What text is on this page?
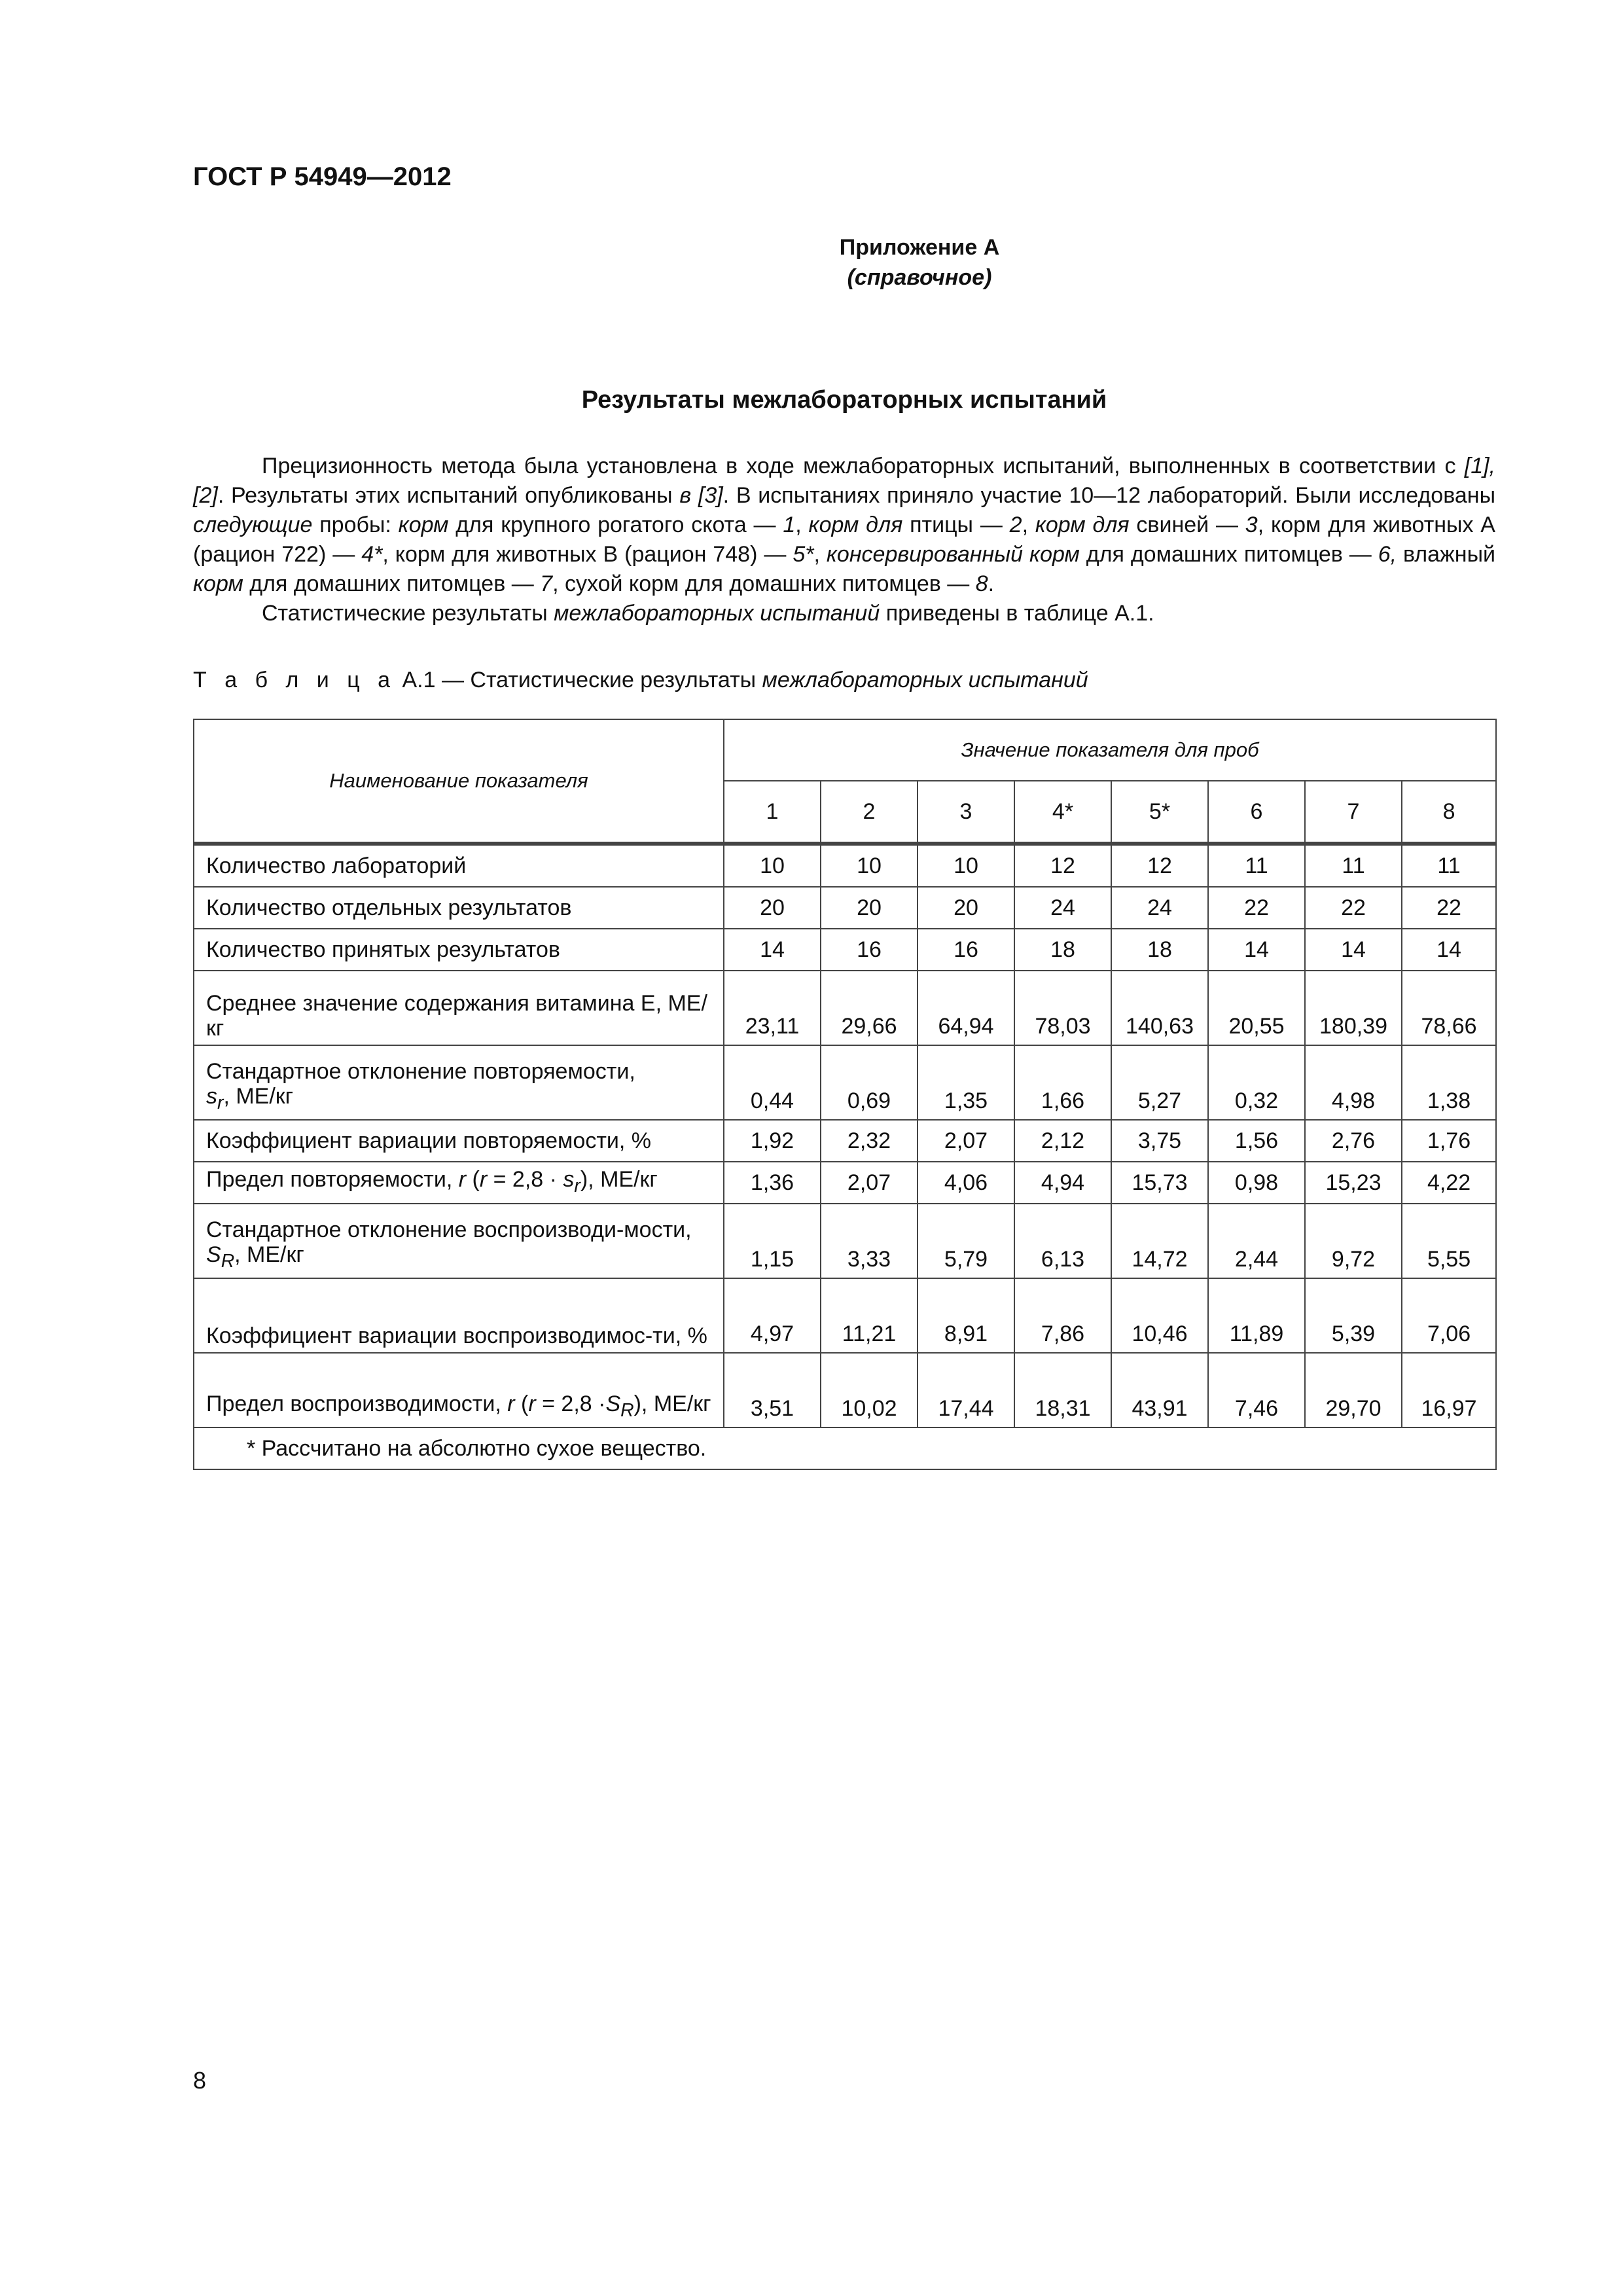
ГОСТ Р 54949—2012
Приложение А
(справочное)
Результаты межлабораторных испытаний

Прецизионность метода была установлена в ходе межлабораторных испытаний, выполненных в соответствии с [1], [2]. Результаты этих испытаний опубликованы в [3]. В испытаниях приняло участие 10—12 лабораторий. Были исследованы следующие пробы: корм для крупного рогатого скота — 1, корм для птицы — 2, корм для свиней — 3, корм для животных А (рацион 722) — 4*, корм для животных В (рацион 748) — 5*, консервированный корм для домашних питомцев — 6, влажный корм для домашних питомцев — 7, сухой корм для домашних питомцев — 8.

Статистические результаты межлабораторных испытаний приведены в таблице А.1.

Т а б л и ц а А.1 — Статистические результаты межлабораторных испытаний
Наименование показателя	Значение показателя для проб							
	1	2	3	4*	5*	6	7	8
Количество лабораторий	10	10	10	12	12	11	11	11
Количество отдельных результатов	20	20	20	24	24	22	22	22
Количество принятых результатов	14	16	16	18	18	14	14	14
Среднее значение содержания витамина Е, МЕ/кг	23,11	29,66	64,94	78,03	140,63	20,55	180,39	78,66
Стандартное отклонение повторяемости,
$s_r$, МЕ/кг	0,44	0,69	1,35	1,66	5,27	0,32	4,98	1,38
Коэффициент вариации повторяемости, %	1,92	2,32	2,07	2,12	3,75	1,56	2,76	1,76
Предел повторяемости, r $(r = 2,8 \cdot s_r)$, МЕ/кг	1,36	2,07	4,06	4,94	15,73	0,98	15,23	4,22
Стандартное отклонение воспроизводи-мости, $S_R$, МЕ/кг	1,15	3,33	5,79	6,13	14,72	2,44	9,72	5,55
Коэффициент вариации воспроизводимос-ти, %	4,97	11,21	8,91	7,86	10,46	11,89	5,39	7,06
Предел воспроизводимости, r $(r = 2,8 \cdot S_R)$, МЕ/кг	3,51	10,02	17,44	18,31	43,91	7,46	29,70	16,97
* Рассчитано на абсолютно сухое вещество.								
8
